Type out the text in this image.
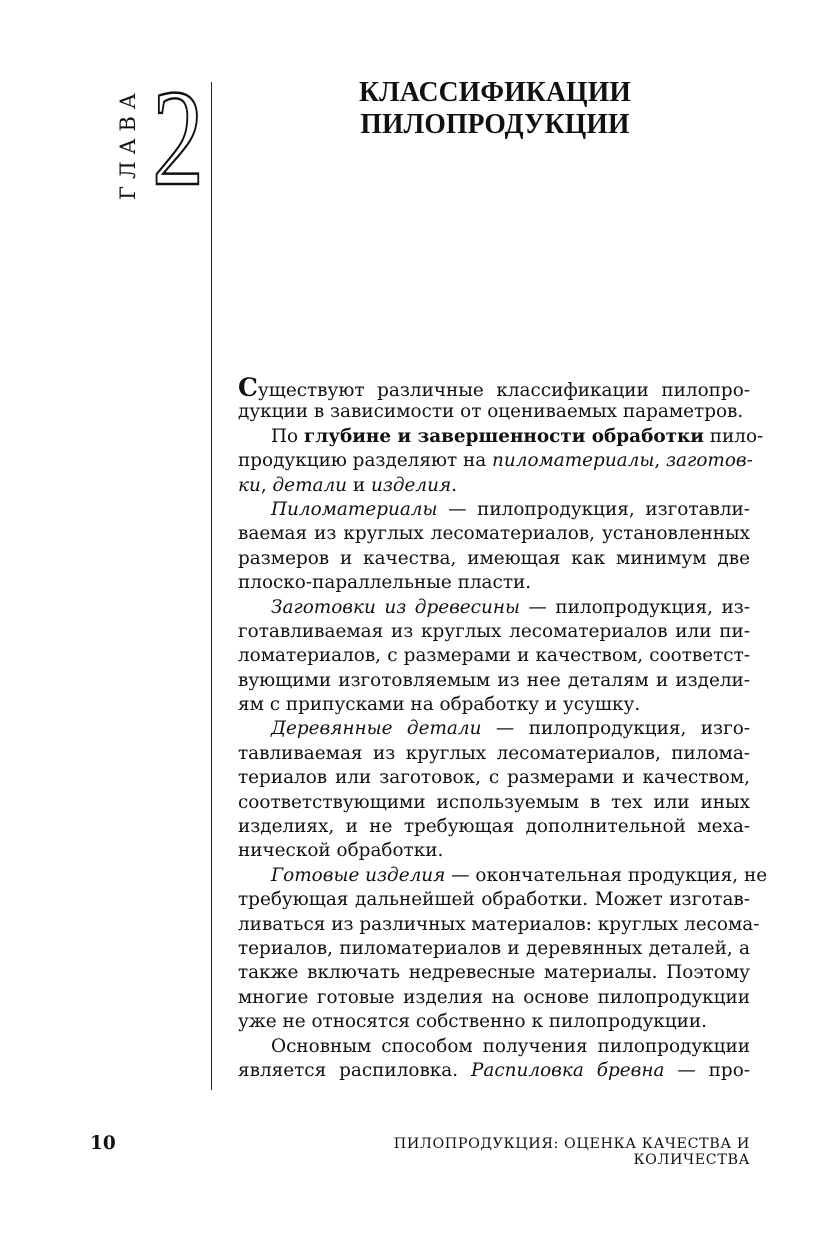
ГЛАВА 2	КЛАССИФИКАЦИИ
ПИЛОПРОДУКЦИИ
Существуют различные классификации пилопро-
дукции в зависимости от оцениваемых параметров.
По глубине и завершенности обработки пило-
продукцию разделяют на пиломатериалы, заготов-
ки, детали и изделия.
Пиломатериалы — пилопродукция, изготавли-
ваемая из круглых лесоматериалов, установленных
размеров и качества, имеющая как минимум две
плоско-параллельные пласти.
Заготовки из древесины — пилопродукция, из-
готавливаемая из круглых лесоматериалов или пи-
ломатериалов, с размерами и качеством, соответст-
вующими изготовляемым из нее деталям и издели-
ям с припусками на обработку и усушку.
Деревянные детали — пилопродукция, изго-
тавливаемая из круглых лесоматериалов, пиломa-
териалов или заготовок, с размерами и качеством,
соответствующими используемым в тех или иных
изделиях, и не требующая дополнительной меха-
нической обработки.
Готовые изделия — окончательная продукция, не
требующая дальнейшей обработки. Может изготав-
ливаться из различных материалов: круглых лесома-
териалов, пиломатериалов и деревянных деталей, а
также включать недревесные материалы. Поэтому
многие готовые изделия на основе пилопродукции
уже не относятся собственно к пилопродукции.
Основным способом получения пилопродукции
является распиловка. Распиловка бревна — про-
10	ПИЛОПРОДУКЦИЯ: ОЦЕНКА КАЧЕСТВА И КОЛИЧЕСТВА
